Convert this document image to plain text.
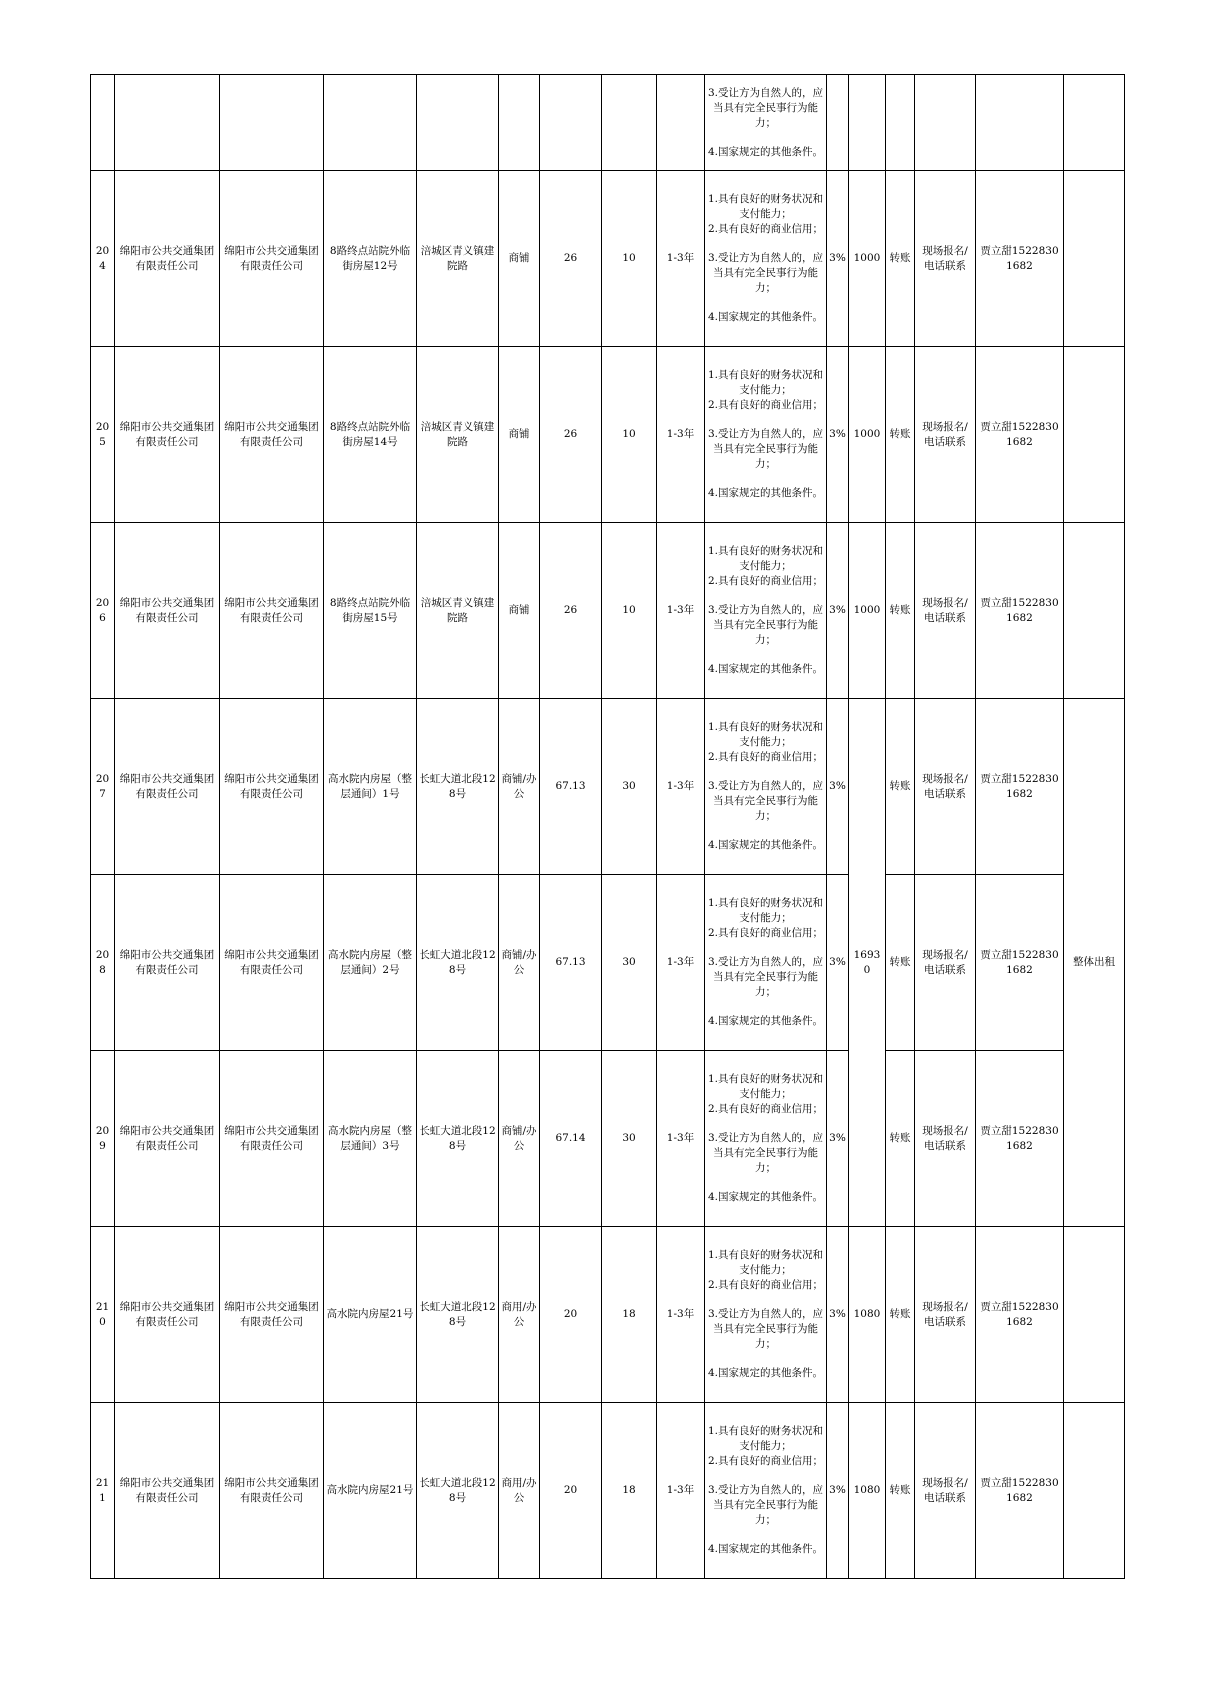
									3.受让方为自然人的，应当具有完全民事行为能力；
4.国家规定的其他条件。						

204	绵阳市公共交通集团有限责任公司	绵阳市公共交通集团有限责任公司	8路终点站院外临街房屋12号	涪城区青义镇建院路	商铺	26	10	1-3年	1.具有良好的财务状况和支付能力；
2.具有良好的商业信用；
3.受让方为自然人的，应当具有完全民事行为能力；
4.国家规定的其他条件。	3%	1000	转账	现场报名/电话联系	贾立甜15228301682	
205	绵阳市公共交通集团有限责任公司	绵阳市公共交通集团有限责任公司	8路终点站院外临街房屋14号	涪城区青义镇建院路	商铺	26	10	1-3年	1.具有良好的财务状况和支付能力；
2.具有良好的商业信用；
3.受让方为自然人的，应当具有完全民事行为能力；
4.国家规定的其他条件。	3%	1000	转账	现场报名/电话联系	贾立甜15228301682	
206	绵阳市公共交通集团有限责任公司	绵阳市公共交通集团有限责任公司	8路终点站院外临街房屋15号	涪城区青义镇建院路	商铺	26	10	1-3年	1.具有良好的财务状况和支付能力；
2.具有良好的商业信用；
3.受让方为自然人的，应当具有完全民事行为能力；
4.国家规定的其他条件。	3%	1000	转账	现场报名/电话联系	贾立甜15228301682	
207	绵阳市公共交通集团有限责任公司	绵阳市公共交通集团有限责任公司	高水院内房屋（整层通间）1号	长虹大道北段128号	商铺/办公	67.13	30	1-3年	1.具有良好的财务状况和支付能力；
2.具有良好的商业信用；
3.受让方为自然人的，应当具有完全民事行为能力；
4.国家规定的其他条件。	3%	16930	转账	现场报名/电话联系	贾立甜15228301682	整体出租
208	绵阳市公共交通集团有限责任公司	绵阳市公共交通集团有限责任公司	高水院内房屋（整层通间）2号	长虹大道北段128号	商铺/办公	67.13	30	1-3年	1.具有良好的财务状况和支付能力；
2.具有良好的商业信用；
3.受让方为自然人的，应当具有完全民事行为能力；
4.国家规定的其他条件。	3%		转账	现场报名/电话联系	贾立甜15228301682	
209	绵阳市公共交通集团有限责任公司	绵阳市公共交通集团有限责任公司	高水院内房屋（整层通间）3号	长虹大道北段128号	商铺/办公	67.14	30	1-3年	1.具有良好的财务状况和支付能力；
2.具有良好的商业信用；
3.受让方为自然人的，应当具有完全民事行为能力；
4.国家规定的其他条件。	3%		转账	现场报名/电话联系	贾立甜15228301682	
210	绵阳市公共交通集团有限责任公司	绵阳市公共交通集团有限责任公司	高水院内房屋21号	长虹大道北段128号	商用/办公	20	18	1-3年	1.具有良好的财务状况和支付能力；
2.具有良好的商业信用；
3.受让方为自然人的，应当具有完全民事行为能力；
4.国家规定的其他条件。	3%	1080	转账	现场报名/电话联系	贾立甜15228301682	
211	绵阳市公共交通集团有限责任公司	绵阳市公共交通集团有限责任公司	高水院内房屋21号	长虹大道北段128号	商用/办公	20	18	1-3年	1.具有良好的财务状况和支付能力；
2.具有良好的商业信用；
3.受让方为自然人的，应当具有完全民事行为能力；
4.国家规定的其他条件。	3%	1080	转账	现场报名/电话联系	贾立甜15228301682	
